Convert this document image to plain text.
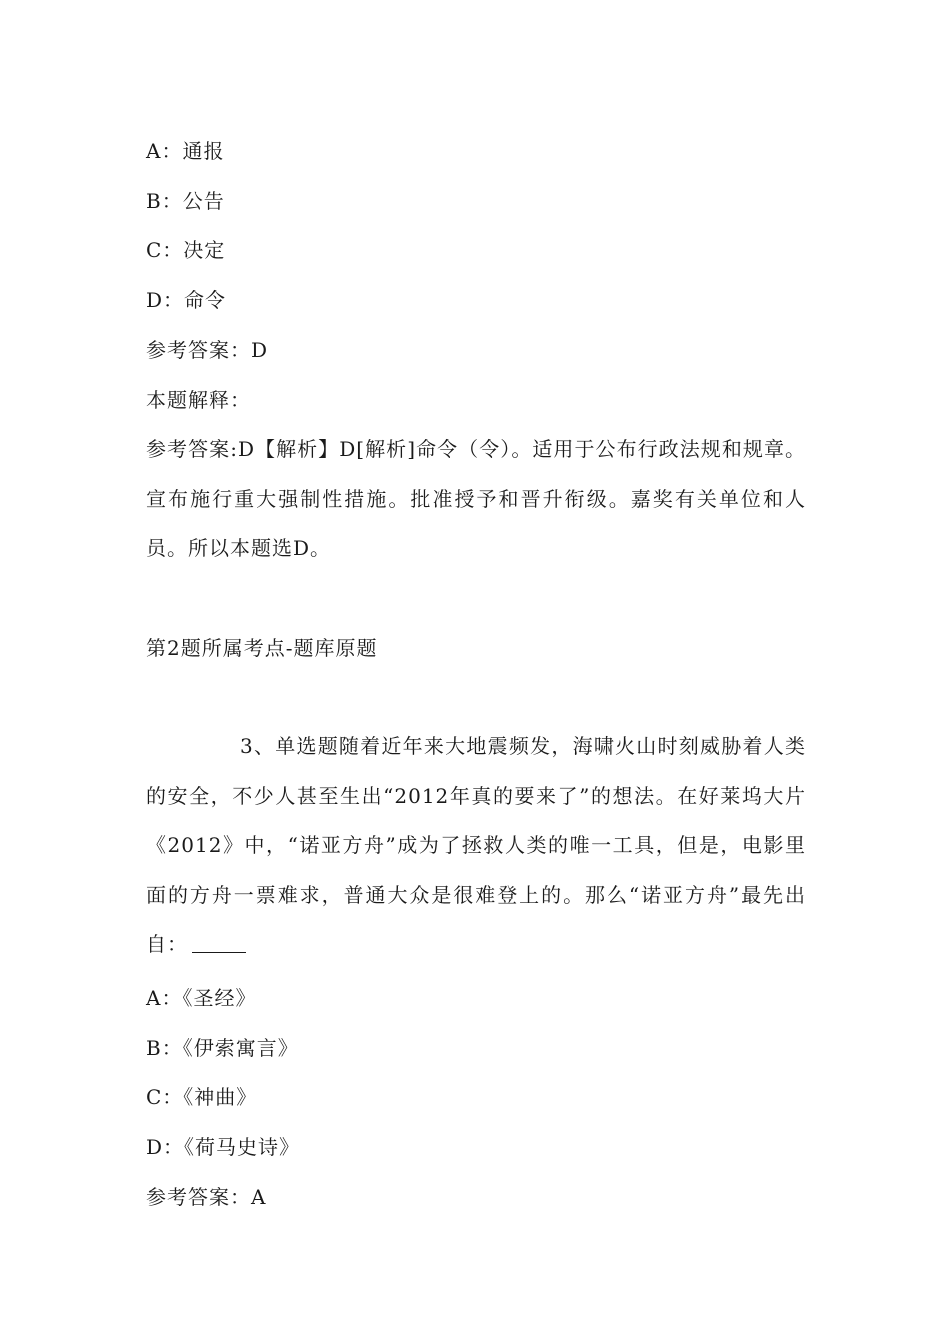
A：通报
B：公告
C：决定
D：命令
参考答案：D
本题解释：
参考答案:D【解析】D[解析]命令（令）。适用于公布行政法规和规章。宣布施行重大强制性措施。批准授予和晋升衔级。嘉奖有关单位和人员。所以本题选D。
第2题所属考点-题库原题
3、单选题随着近年来大地震频发，海啸火山时刻威胁着人类的安全，不少人甚至生出“2012年真的要来了”的想法。在好莱坞大片《2012》中，“诺亚方舟”成为了拯救人类的唯一工具，但是，电影里面的方舟一票难求，普通大众是很难登上的。那么“诺亚方舟”最先出自：
A：《圣经》
B：《伊索寓言》
C：《神曲》
D：《荷马史诗》
参考答案：A
